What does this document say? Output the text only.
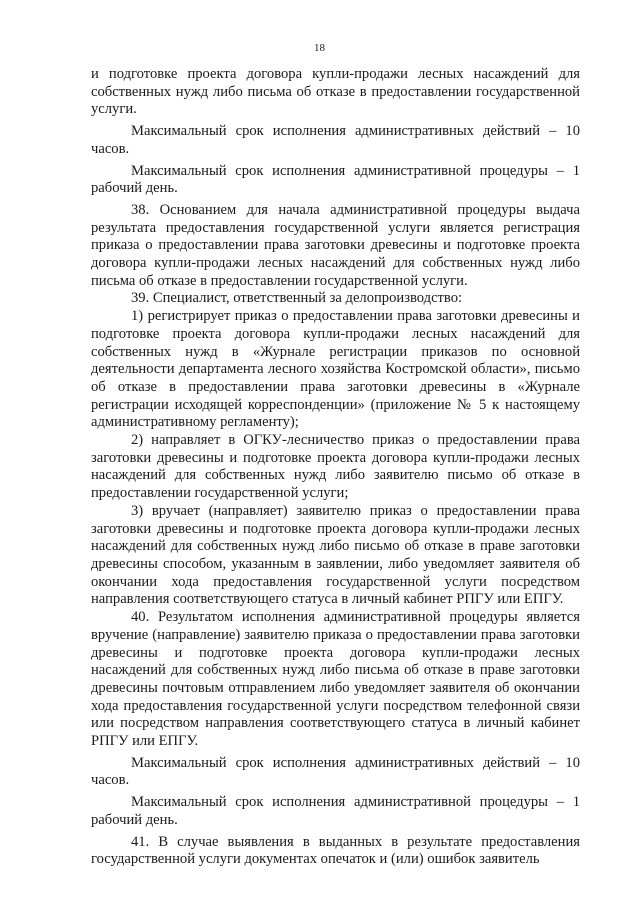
18

и подготовке проекта договора купли-продажи лесных насаждений для собственных нужд либо письма об отказе в предоставлении государственной услуги.

Максимальный срок исполнения административных действий – 10 часов.

Максимальный срок исполнения административной процедуры – 1 рабочий день.

38. Основанием для начала административной процедуры выдача результата предоставления государственной услуги является регистрация приказа о предоставлении права заготовки древесины и подготовке проекта договора купли-продажи лесных насаждений для собственных нужд либо письма об отказе в предоставлении государственной услуги.

39. Специалист, ответственный за делопроизводство:

1) регистрирует приказ о предоставлении права заготовки древесины и подготовке проекта договора купли-продажи лесных насаждений для собственных нужд в «Журнале регистрации приказов по основной деятельности департамента лесного хозяйства Костромской области», письмо об отказе в предоставлении права заготовки древесины в «Журнале регистрации исходящей корреспонденции» (приложение № 5 к настоящему административному регламенту);

2) направляет в ОГКУ-лесничество приказ о предоставлении права заготовки древесины и подготовке проекта договора купли-продажи лесных насаждений для собственных нужд либо заявителю письмо об отказе в предоставлении государственной услуги;

3) вручает (направляет) заявителю приказ о предоставлении права заготовки древесины и подготовке проекта договора купли-продажи лесных насаждений для собственных нужд либо письмо об отказе в праве заготовки древесины способом, указанным в заявлении, либо уведомляет заявителя об окончании хода предоставления государственной услуги посредством направления соответствующего статуса в личный кабинет РПГУ или ЕПГУ.

40. Результатом исполнения административной процедуры является вручение (направление) заявителю приказа о предоставлении права заготовки древесины и подготовке проекта договора купли-продажи лесных насаждений для собственных нужд либо письма об отказе в праве заготовки древесины почтовым отправлением либо уведомляет заявителя об окончании хода предоставления государственной услуги посредством телефонной связи или посредством направления соответствующего статуса в личный кабинет РПГУ или ЕПГУ.

Максимальный срок исполнения административных действий – 10 часов.

Максимальный срок исполнения административной процедуры – 1 рабочий день.

41. В случае выявления в выданных в результате предоставления государственной услуги документах опечаток и (или) ошибок заявитель
